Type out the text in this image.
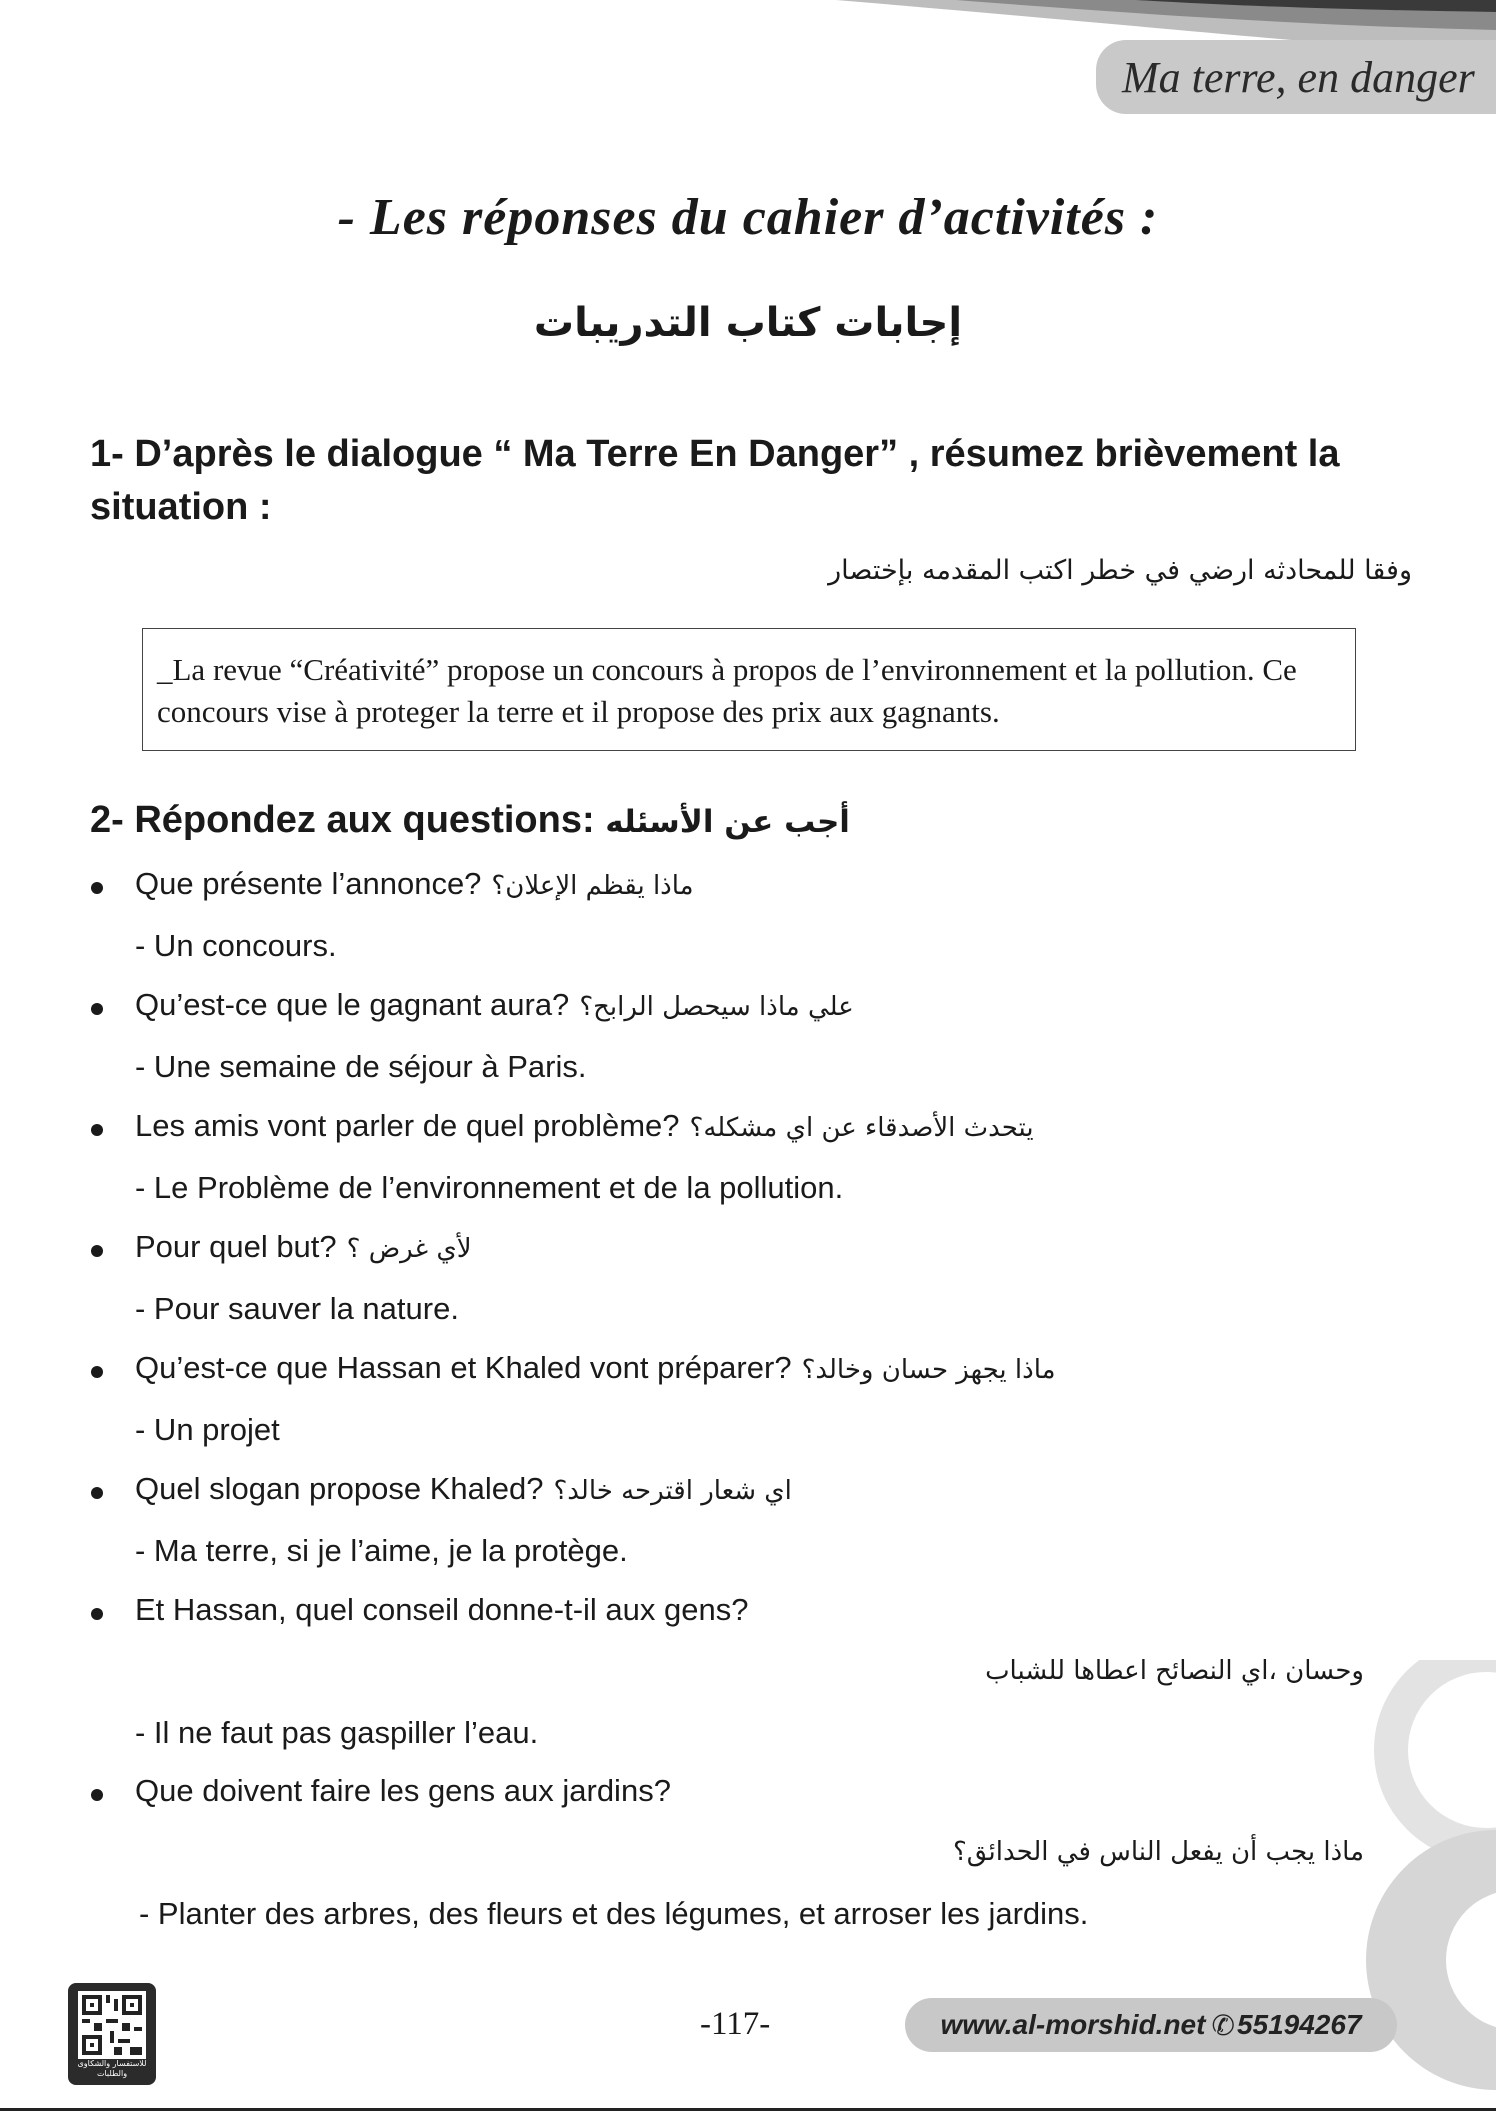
Ma terre, en danger
- Les réponses du cahier d’activités :
إجابات كتاب التدريبات
1- D’après le dialogue “ Ma Terre En Danger” , résumez brièvement la situation :
وفقا للمحادثه ارضي في خطر اكتب المقدمه بإختصار
_La revue “Créativité” propose un concours à propos de l’environnement et la pollution. Ce concours vise à proteger la terre et il propose des prix aux gagnants.
2- Répondez aux questions: أجب عن الأسئله
Que présente l’annonce? ماذا يقظم الإعلان؟
- Un concours.
Qu’est-ce que le gagnant aura? علي ماذا سيحصل الرابح؟
- Une semaine de séjour à Paris.
Les amis vont parler de quel problème? يتحدث الأصدقاء عن اي مشكله؟
- Le Problème de l’environnement et de la pollution.
Pour quel but? لأي غرض ؟
- Pour sauver la nature.
Qu’est-ce que Hassan et Khaled vont préparer? ماذا يجهز حسان وخالد؟
- Un projet
Quel slogan propose Khaled? اي شعار اقترحه خالد؟
- Ma terre, si je l’aime, je la protège.
Et Hassan, quel conseil donne-t-il aux gens?
وحسان ،اي النصائح اعطاها للشباب
- Il ne faut pas gaspiller l’eau.
Que doivent faire les gens aux jardins?
ماذا يجب أن يفعل الناس في الحدائق؟
- Planter des arbres, des fleurs et des légumes, et arroser les jardins.
للاستفسار والشكاوى والطلبات
-117-	www.al-morshid.net ✆ 55194267
